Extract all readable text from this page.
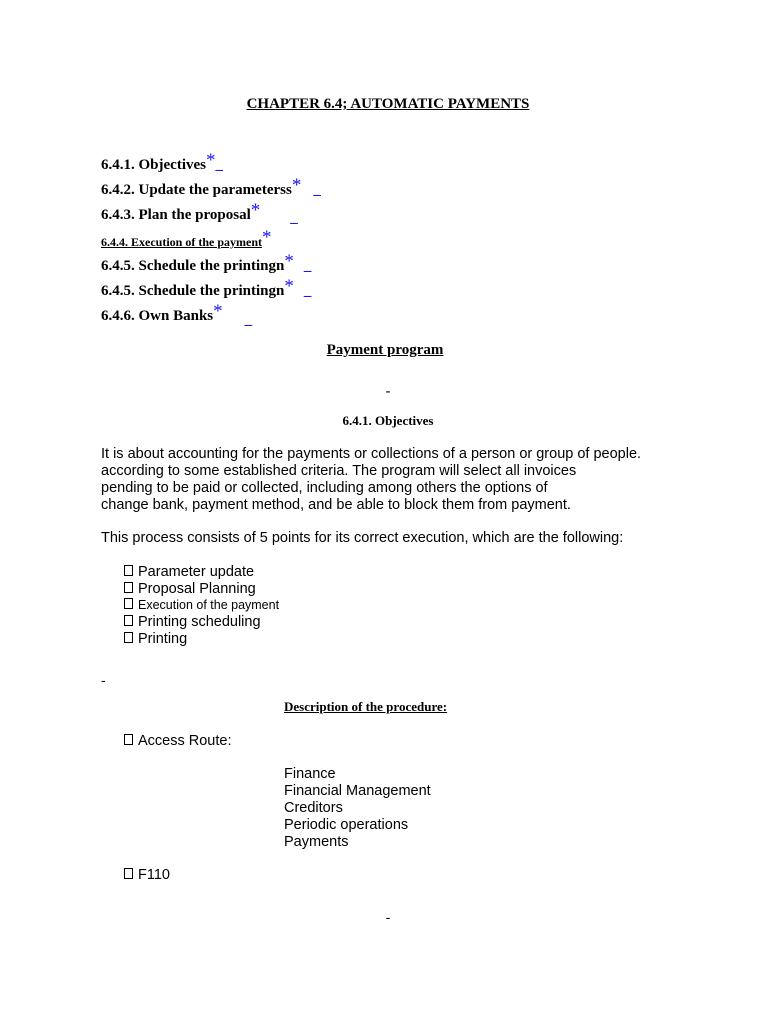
CHAPTER 6.4; AUTOMATIC PAYMENTS
6.4.1. Objectives*_
6.4.2. Update the parameterss* _
6.4.3. Plan the proposal* _
6.4.4. Execution of the payment*
6.4.5. Schedule the printingn* _
6.4.5. Schedule the printingn* _
6.4.6. Own Banks* _
Payment program
-
6.4.1. Objectives
It is about accounting for the payments or collections of a person or group of people.
according to some established criteria. The program will select all invoices
pending to be paid or collected, including among others the options of
change bank, payment method, and be able to block them from payment.
This process consists of 5 points for its correct execution, which are the following:
Parameter update
Proposal Planning
Execution of the payment
Printing scheduling
Printing
-
Description of the procedure:
Access Route:
Finance
Financial Management
Creditors
Periodic operations
Payments
F110
-
